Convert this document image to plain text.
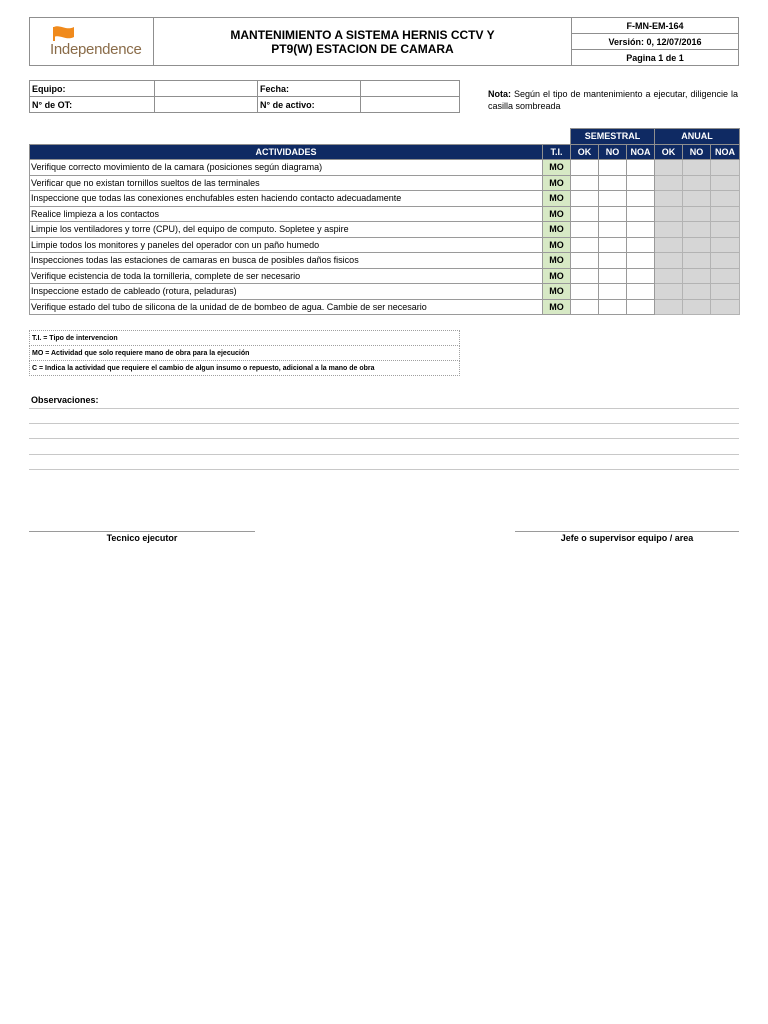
Independence

MANTENIMIENTO A SISTEMA HERNIS CCTV Y
PT9(W) ESTACION DE CAMARA
	F-MN-EM-164
Versión: 0, 12/07/2016
Pagina 1 de 1
Equipo:		Fecha:	
N° de OT:		N° de activo:	
Nota: Según el tipo de mantenimiento a ejecutar, diligencie la casilla sombreada
		SEMESTRAL			ANUAL		
ACTIVIDADES	T.I.	OK	NO	NOA	OK	NO	NOA
Verifique correcto movimiento de la camara (posiciones según diagrama)	MO						
Verificar que no existan tornillos sueltos de las terminales	MO						
Inspeccione que todas las conexiones enchufables esten haciendo contacto adecuadamente	MO						
Realice limpieza a los contactos	MO						
Limpie los ventiladores y torre (CPU), del equipo de computo. Sopletee y aspire	MO						
Limpie todos los monitores y paneles del operador con un paño humedo	MO						
Inspecciones todas las estaciones de camaras en busca de posibles daños fisicos	MO						
Verifique ecistencia de toda la tornilleria, complete de ser necesario	MO						
Inspeccione estado de cableado (rotura, peladuras)	MO						
Verifique estado del tubo de silicona de la unidad de de bombeo de agua. Cambie de ser necesario	MO						
T.I. = Tipo de intervencion
MO = Actividad que solo requiere mano de obra para la ejecución
C = Indica la actividad que requiere el cambio de algun insumo o repuesto, adicional a la mano de obra
Observaciones:
Tecnico ejecutor	Jefe o supervisor equipo / area
